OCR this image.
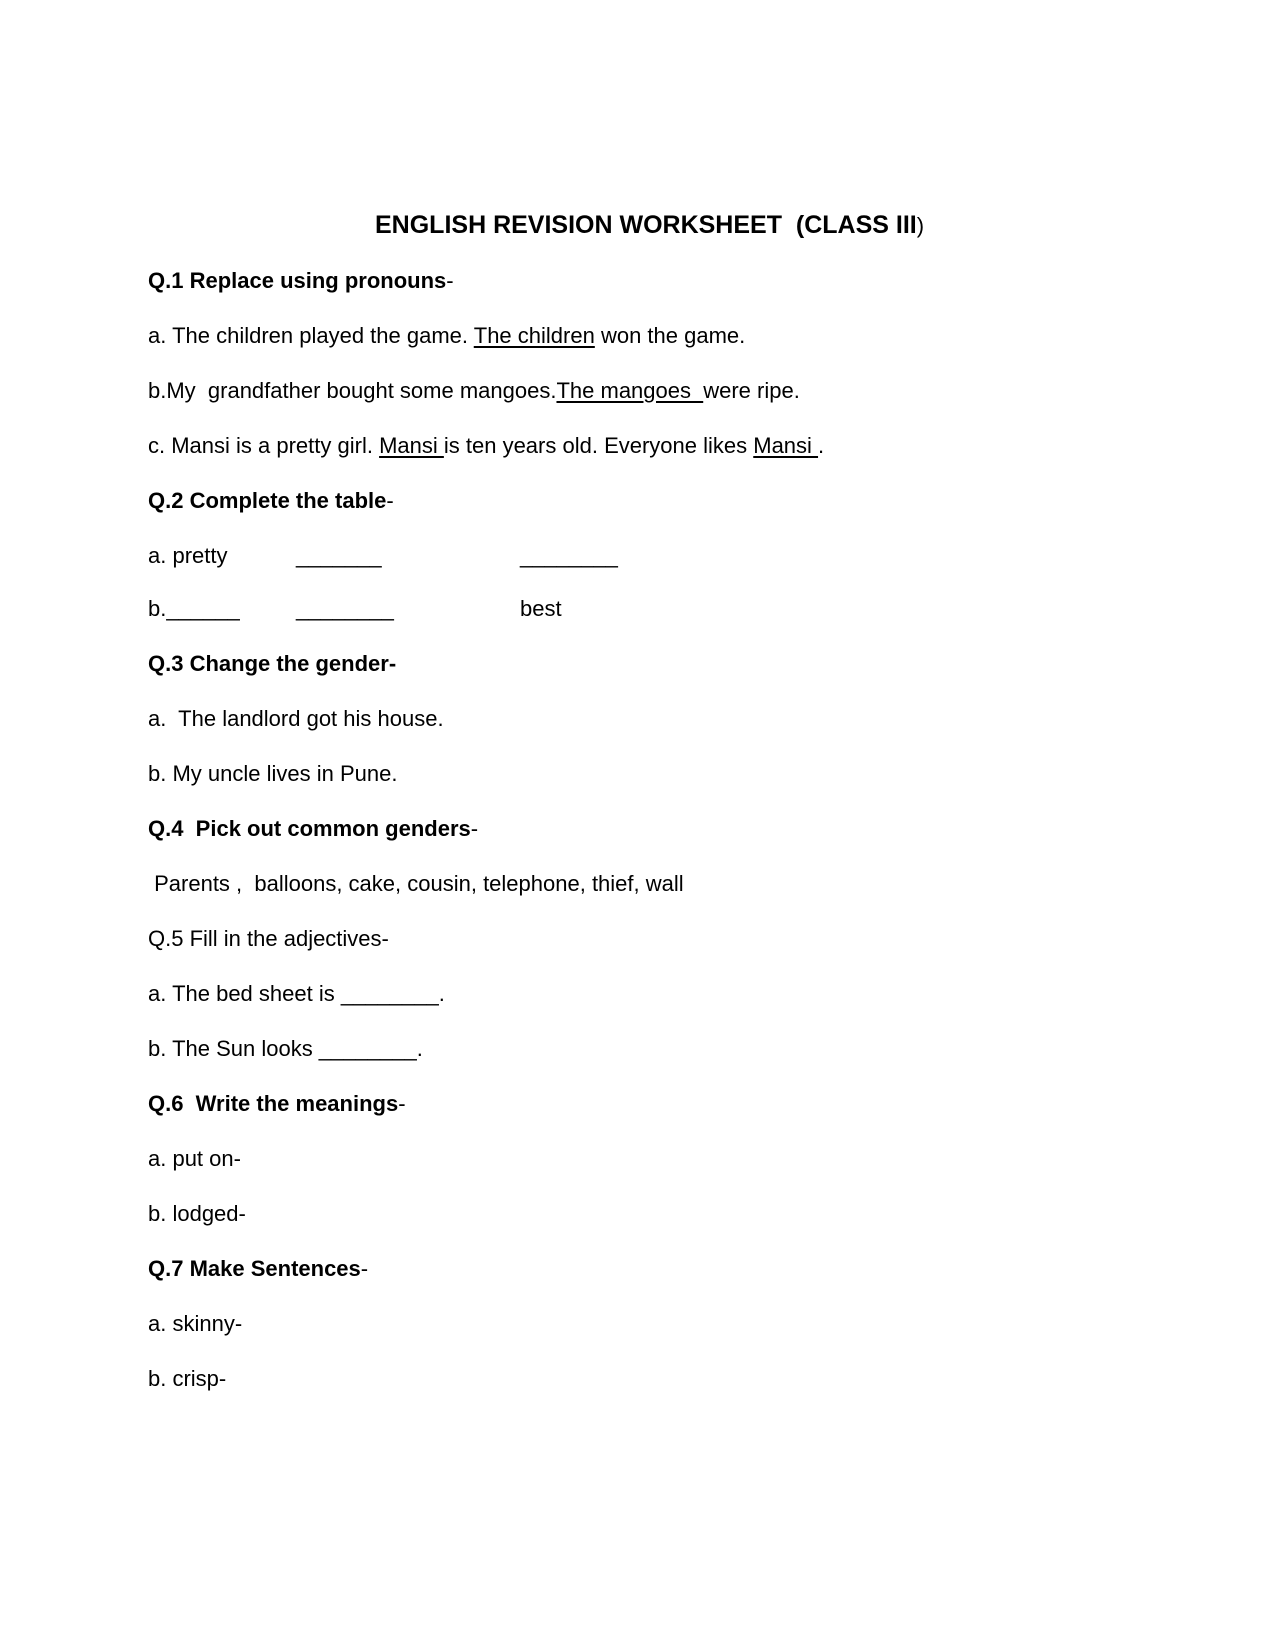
ENGLISH REVISION WORKSHEET  (CLASS III)
Q.1 Replace using pronouns-
a. The children played the game. The children won the game.
b.My  grandfather bought some mangoes.The mangoes  were ripe.
c. Mansi is a pretty girl. Mansi is ten years old. Everyone likes Mansi .
Q.2 Complete the table-
a. pretty	_______	________
b.______	________	best
Q.3 Change the gender-
a.  The landlord got his house.
b. My uncle lives in Pune.
Q.4  Pick out common genders-
Parents ,  balloons, cake, cousin, telephone, thief, wall
Q.5 Fill in the adjectives-
a. The bed sheet is ________.
b. The Sun looks ________.
Q.6  Write the meanings-
a. put on-
b. lodged-
Q.7 Make Sentences-
a. skinny-
b. crisp-
